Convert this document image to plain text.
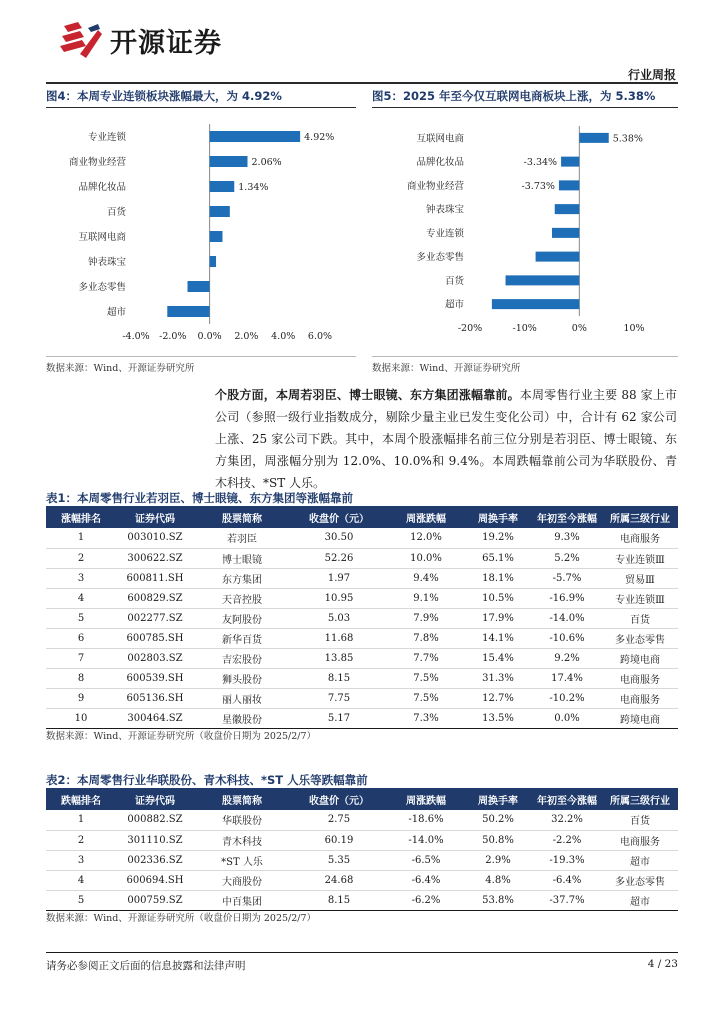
开源证券
行业周报
图4：本周专业连锁板块涨幅最大，为 4.92%
专业连锁	4.92%
商业物业经营	2.06%
品牌化妆品	1.34%
百货
互联网电商
钟表珠宝
多业态零售
超市
-4.0% -2.0% 0.0% 2.0% 4.0% 6.0%
数据来源：Wind、开源证券研究所
图5：2025 年至今仅互联网电商板块上涨，为 5.38%
互联网电商	5.38%
品牌化妆品	-3.34%
商业物业经营	-3.73%
钟表珠宝
专业连锁
多业态零售
百货
超市
-20%	-10%	0%	10%
数据来源：Wind、开源证券研究所
个股方面，本周若羽臣、博士眼镜、东方集团涨幅靠前。本周零售行业主要 88 家上市公司（参照一级行业指数成分，剔除少量主业已发生变化公司）中，合计有 62 家公司上涨、25 家公司下跌。其中，本周个股涨幅排名前三位分别是若羽臣、博士眼镜、东方集团，周涨幅分别为 12.0%、10.0%和 9.4%。本周跌幅靠前公司为华联股份、青木科技、*ST 人乐。
表1：本周零售行业若羽臣、博士眼镜、东方集团等涨幅靠前
涨幅排名	证券代码	股票简称	收盘价（元）	周涨跌幅	周换手率	年初至今涨幅	所属三级行业
1	003010.SZ	若羽臣	30.50	12.0%	19.2%	9.3%	电商服务
2	300622.SZ	博士眼镜	52.26	10.0%	65.1%	5.2%	专业连锁Ⅲ
3	600811.SH	东方集团	1.97	9.4%	18.1%	-5.7%	贸易Ⅲ
4	600829.SZ	天音控股	10.95	9.1%	10.5%	-16.9%	专业连锁Ⅲ
5	002277.SZ	友阿股份	5.03	7.9%	17.9%	-14.0%	百货
6	600785.SH	新华百货	11.68	7.8%	14.1%	-10.6%	多业态零售
7	002803.SZ	吉宏股份	13.85	7.7%	15.4%	9.2%	跨境电商
8	600539.SH	狮头股份	8.15	7.5%	31.3%	17.4%	电商服务
9	605136.SH	丽人丽妆	7.75	7.5%	12.7%	-10.2%	电商服务
10	300464.SZ	星徽股份	5.17	7.3%	13.5%	0.0%	跨境电商
数据来源：Wind、开源证券研究所（收盘价日期为 2025/2/7）
表2：本周零售行业华联股份、青木科技、*ST 人乐等跌幅靠前
跌幅排名	证券代码	股票简称	收盘价（元）	周涨跌幅	周换手率	年初至今涨幅	所属三级行业
1	000882.SZ	华联股份	2.75	-18.6%	50.2%	32.2%	百货
2	301110.SZ	青木科技	60.19	-14.0%	50.8%	-2.2%	电商服务
3	002336.SZ	*ST 人乐	5.35	-6.5%	2.9%	-19.3%	超市
4	600694.SH	大商股份	24.68	-6.4%	4.8%	-6.4%	多业态零售
5	000759.SZ	中百集团	8.15	-6.2%	53.8%	-37.7%	超市
数据来源：Wind、开源证券研究所（收盘价日期为 2025/2/7）
请务必参阅正文后面的信息披露和法律声明	4 / 23
